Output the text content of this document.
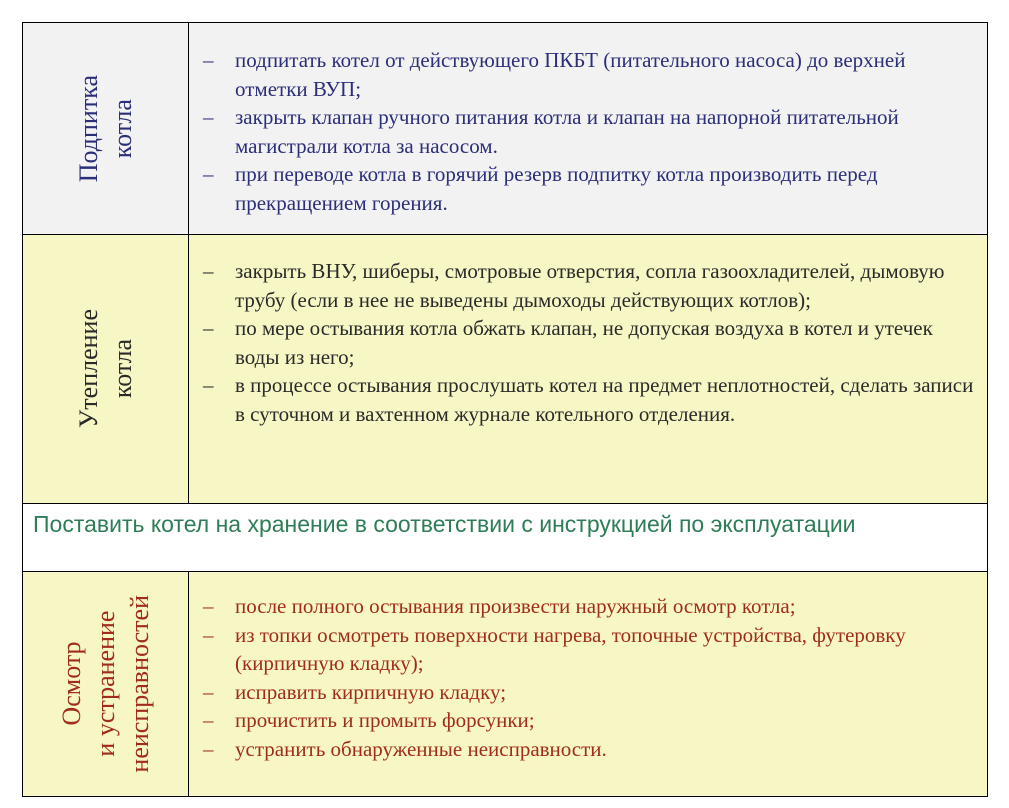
Подпитка
котла
– подпитать котел от действующего ПКБТ (питательного насоса) до верхней отметки ВУП;
– закрыть клапан ручного питания котла и клапан на напорной питательной магистрали котла за насосом.
– при переводе котла в горячий резерв подпитку котла производить перед прекращением горения.
Утепление
котла
– закрыть ВНУ, шиберы, смотровые отверстия, сопла газоохладителей, дымовую трубу (если в нее не выведены дымоходы действующих котлов);
– по мере остывания котла обжать клапан, не допуская воздуха в котел и утечек воды из него;
– в процессе остывания прослушать котел на предмет неплотностей, сделать записи в суточном и вахтенном журнале котельного отделения.
Поставить котел на хранение в соответствии с инструкцией по эксплуатации
Осмотр
и устранение
неисправностей – после полного остывания произвести наружный осмотр котла;
– из топки осмотреть поверхности нагрева, топочные устройства, футеровку (кирпичную кладку);
– исправить кирпичную кладку;
– прочистить и промыть форсунки;
– устранить обнаруженные неисправности.
